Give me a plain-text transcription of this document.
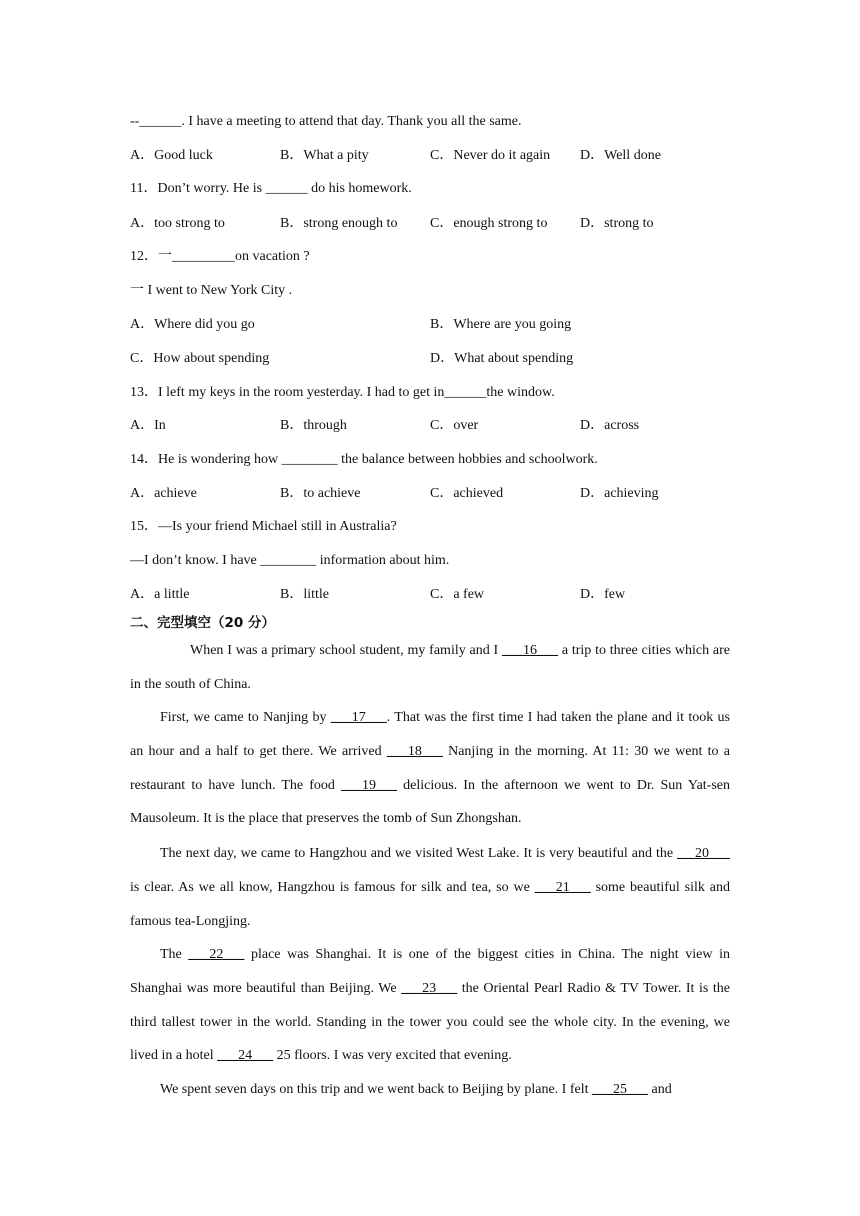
--______. I have a meeting to attend that day. Thank you all the same.
A．Good luck	B．What a pity	C．Never do it again D．Well done
11．Don’t worry. He is ______ do his homework.
A．too strong to	B．strong enough to C．enough strong to D．strong to
12．一_________on vacation ?
一 I went to New York City .
A．Where did you go	B．Where are you going
C．How about spending	D．What about spending
13．I left my keys in the room yesterday. I had to get in______the window.
A．In	B．through	C．over	D．across
14．He is wondering how ________ the balance between hobbies and schoolwork.
A．achieve	B．to achieve	C．achieved	D．achieving
15．—Is your friend Michael still in Australia?
—I don’t know. I have ________ information about him.
A．a little	B．little	C．a few	D．few
二、完型填空（20 分）
When I was a primary school student, my family and I ___16___ a trip to three cities which are in the south of China.
First, we came to Nanjing by ___17___. That was the first time I had taken the plane and it took us an hour and a half to get there. We arrived ___18___ Nanjing in the morning. At 11: 30 we went to a restaurant to have lunch. The food ___19___ delicious. In the afternoon we went to Dr. Sun Yat-sen Mausoleum. It is the place that preserves the tomb of Sun Zhongshan.
The next day, we came to Hangzhou and we visited West Lake. It is very beautiful and the __ 20___ is clear. As we all know, Hangzhou is famous for silk and tea, so we ___21___ some beautiful silk and famous tea-Longjing.
The ___22___ place was Shanghai. It is one of the biggest cities in China. The night view in Shanghai was more beautiful than Beijing. We ___23___ the Oriental Pearl Radio & TV Tower. It is the third tallest tower in the world. Standing in the tower you could see the whole city. In the evening, we lived in a hotel ___24___ 25 floors. I was very excited that evening.
We spent seven days on this trip and we went back to Beijing by plane. I felt ___25___ and
